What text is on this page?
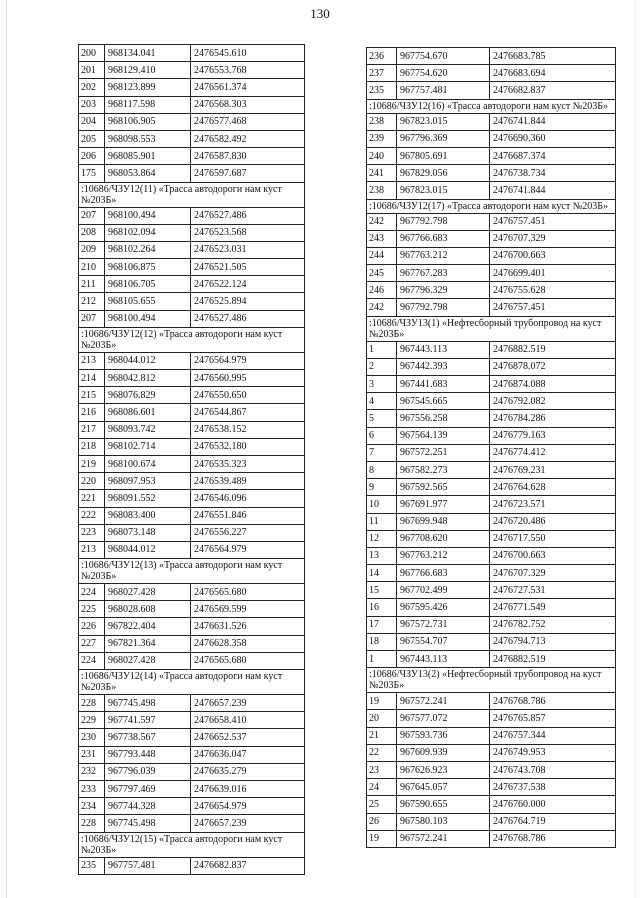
130
200	968134.041	2476545.610
201	968129.410	2476553.768
202	968123.899	2476561.374
203	968117.598	2476568.303
204	968106.905	2476577.468
205	968098.553	2476582.492
206	968085.901	2476587.830
175	968053.864	2476597.687
:10686/ЧЗУ12(11) «Трасса автодороги нам куст №203Б»		
207	968100.494	2476527.486
208	968102.094	2476523.568
209	968102.264	2476523.031
210	968106.875	2476521.505
211	968106.705	2476522.124
212	968105.655	2476525.894
207	968100.494	2476527.486
:10686/ЧЗУ12(12) «Трасса автодороги нам куст №203Б»		
213	968044.012	2476564.979
214	968042.812	2476560.995
215	968076.829	2476550.650
216	968086.601	2476544.867
217	968093.742	2476538.152
218	968102.714	2476532.180
219	968100.674	2476535.323
220	968097.953	2476539.489
221	968091.552	2476546.096
222	968083.400	2476551.846
223	968073.148	2476556.227
213	968044.012	2476564.979
:10686/ЧЗУ12(13) «Трасса автодороги нам куст №203Б»		
224	968027.428	2476565.680
225	968028.608	2476569.599
226	967822.404	2476631.526
227	967821.364	2476628.358
224	968027.428	2476565.680
:10686/ЧЗУ12(14) «Трасса автодороги нам куст №203Б»		
228	967745.498	2476657.239
229	967741.597	2476658.410
230	967738.567	2476652.537
231	967793.448	2476636.047
232	967796.039	2476635.279
233	967797.469	2476639.016
234	967744.328	2476654.979
228	967745.498	2476657.239
:10686/ЧЗУ12(15) «Трасса автодороги нам куст №203Б»		
235	967757.481	2476682.837
236	967754.670	2476683.785
237	967754.620	2476683.694
235	967757.481	2476682.837
:10686/ЧЗУ12(16) «Трасса автодороги нам куст №203Б»		
238	967823.015	2476741.844
239	967796.369	2476690.360
240	967805.691	2476687.374
241	967829.056	2476738.734
238	967823.015	2476741.844
:10686/ЧЗУ12(17) «Трасса автодороги нам куст №203Б»		
242	967792.798	2476757.451
243	967766.683	2476707.329
244	967763.212	2476700.663
245	967767.283	2476699.401
246	967796.329	2476755.628
242	967792.798	2476757.451
:10686/ЧЗУ13(1) «Нефтесборный трубопровод на куст №203Б»		
1	967443.113	2476882.519
2	967442.393	2476878.072
3	967441.683	2476874.088
4	967545.665	2476792.082
5	967556.258	2476784.286
6	967564.139	2476779.163
7	967572.251	2476774.412
8	967582.273	2476769.231
9	967592.565	2476764.628
10	967691.977	2476723.571
11	967699.948	2476720.486
12	967708.620	2476717.550
13	967763.212	2476700.663
14	967766.683	2476707.329
15	967702.499	2476727.531
16	967595.426	2476771.549
17	967572.731	2476782.752
18	967554.707	2476794.713
1	967443.113	2476882.519
:10686/ЧЗУ13(2) «Нефтесборный трубопровод на куст №203Б»		
19	967572.241	2476768.786
20	967577.072	2476765.857
21	967593.736	2476757.344
22	967609.939	2476749.953
23	967626.923	2476743.708
24	967645.057	2476737.538
25	967590.655	2476760.000
26	967580.103	2476764.719
19	967572.241	2476768.786
